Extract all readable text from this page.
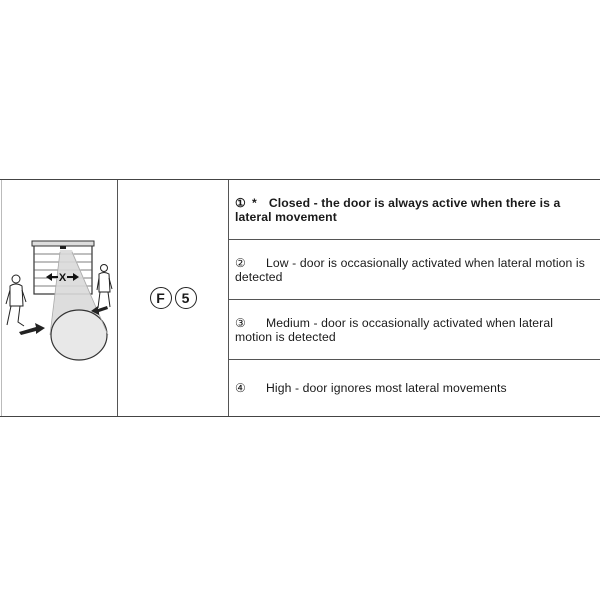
X
F	5
① * Closed - the door is always active when there is a lateral movement
② Low - door is occasionally activated when lateral motion is detected
③ Medium - door is occasionally activated when lateral motion is detected
④ High - door ignores most lateral movements
